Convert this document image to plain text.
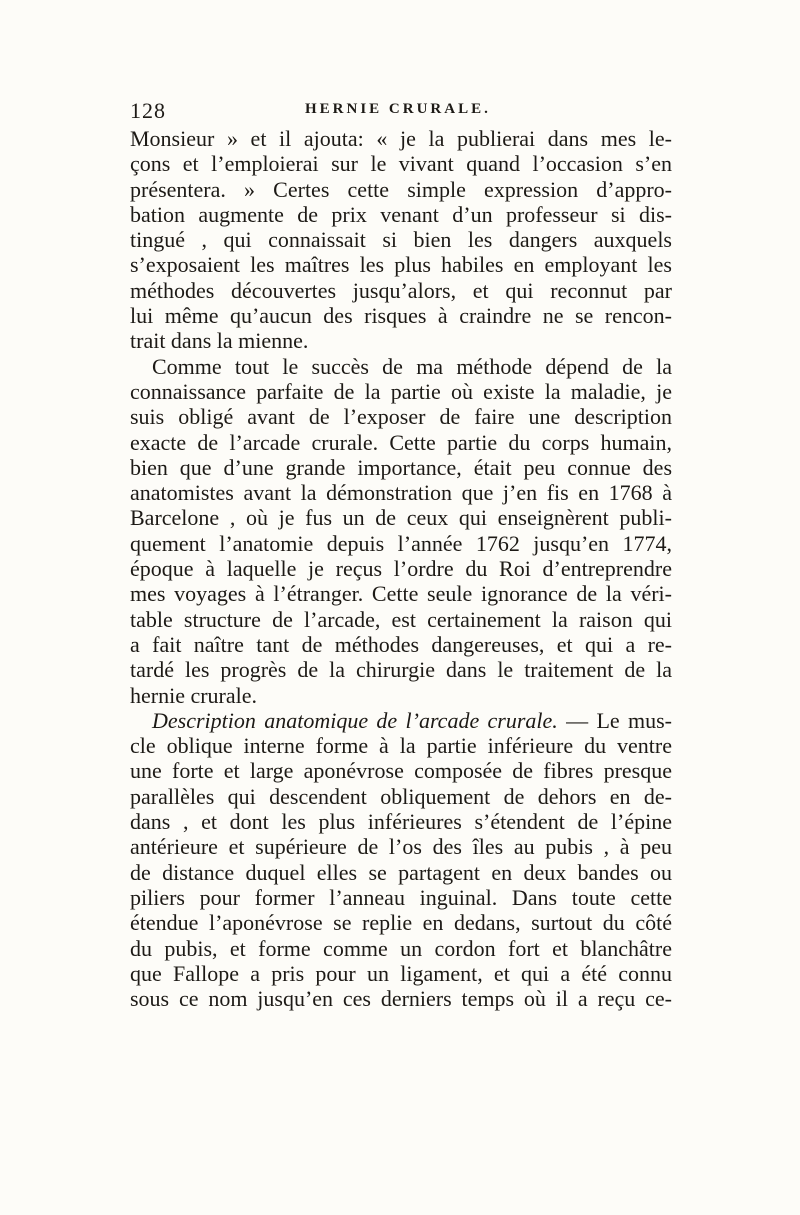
128	HERNIE CRURALE.
Monsieur » et il ajouta: « je la publierai dans mes le-
çons et l’emploierai sur le vivant quand l’occasion s’en
présentera. » Certes cette simple expression d’appro-
bation augmente de prix venant d’un professeur si dis-
tingué , qui connaissait si bien les dangers auxquels
s’exposaient les maîtres les plus habiles en employant les
méthodes découvertes jusqu’alors, et qui reconnut par
lui même qu’aucun des risques à craindre ne se rencon-
trait dans la mienne.
Comme tout le succès de ma méthode dépend de la
connaissance parfaite de la partie où existe la maladie, je
suis obligé avant de l’exposer de faire une description
exacte de l’arcade crurale. Cette partie du corps humain,
bien que d’une grande importance, était peu connue des
anatomistes avant la démonstration que j’en fis en 1768 à
Barcelone , où je fus un de ceux qui enseignèrent publi-
quement l’anatomie depuis l’année 1762 jusqu’en 1774,
époque à laquelle je reçus l’ordre du Roi d’entreprendre
mes voyages à l’étranger. Cette seule ignorance de la véri-
table structure de l’arcade, est certainement la raison qui
a fait naître tant de méthodes dangereuses, et qui a re-
tardé les progrès de la chirurgie dans le traitement de la
hernie crurale.
Description anatomique de l’arcade crurale. — Le mus-
cle oblique interne forme à la partie inférieure du ventre
une forte et large aponévrose composée de fibres presque
parallèles qui descendent obliquement de dehors en de-
dans , et dont les plus inférieures s’étendent de l’épine
antérieure et supérieure de l’os des îles au pubis , à peu
de distance duquel elles se partagent en deux bandes ou
piliers pour former l’anneau inguinal. Dans toute cette
étendue l’aponévrose se replie en dedans, surtout du côté
du pubis, et forme comme un cordon fort et blanchâtre
que Fallope a pris pour un ligament, et qui a été connu
sous ce nom jusqu’en ces derniers temps où il a reçu ce-
